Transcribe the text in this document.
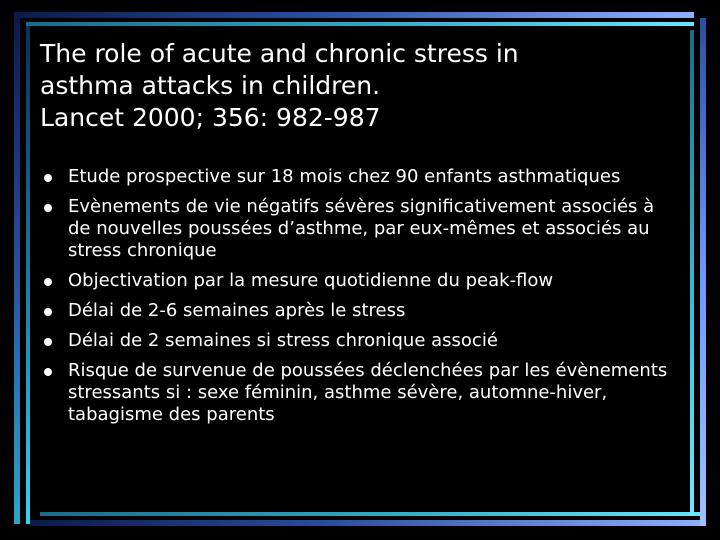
The role of acute and chronic stress in
asthma attacks in children.
Lancet 2000; 356: 982-987
Etude prospective sur 18 mois chez 90 enfants asthmatiques
Evènements de vie négatifs sévères significativement associés à de nouvelles poussées d’asthme, par eux-mêmes et associés au stress chronique
Objectivation par la mesure quotidienne du peak-flow
Délai de 2-6 semaines après le stress
Délai de 2 semaines si stress chronique associé
Risque de survenue de poussées déclenchées par les évènements stressants si : sexe féminin, asthme sévère, automne-hiver, tabagisme des parents
